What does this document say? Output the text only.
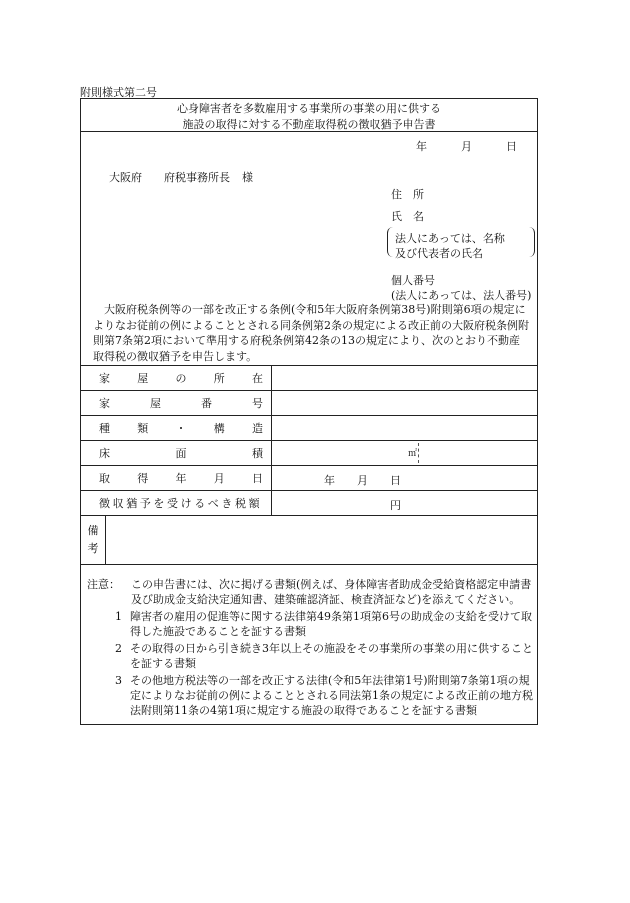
附則様式第二号
心身障害者を多数雇用する事業所の事業の用に供する
施設の取得に対する不動産取得税の徴収猶予申告書
年	月	日
大阪府 府税事務所長 様
住　所
氏　名
法人にあっては、名称
及び代表者の氏名
個人番号
(法人にあっては、法人番号)
大阪府税条例等の一部を改正する条例(令和5年大阪府条例第38号)附則第6項の規定によりなお従前の例によることとされる同条例第2条の規定による改正前の大阪府税条例附則第7条第2項において準用する府税条例第42条の13の規定により、次のとおり不動産取得税の徴収猶予を申告します。
家 屋 の 所 在	

家 屋 番 号	

種 類 ・ 構 造	

床 面 積	㎡

取 得 年 月 日	年 月 日

徴収猶予を受けるべき税額	円

備
考	
注意： この申告書には、次に掲げる書類(例えば、身体障害者助成金受給資格認定申請書及び助成金支給決定通知書、建築確認済証、検査済証など)を添えてください。
1 障害者の雇用の促進等に関する法律第49条第1項第6号の助成金の支給を受けて取得した施設であることを証する書類
2 その取得の日から引き続き3年以上その施設をその事業所の事業の用に供することを証する書類
3 その他地方税法等の一部を改正する法律(令和5年法律第1号)附則第7条第1項の規定によりなお従前の例によることとされる同法第1条の規定による改正前の地方税法附則第11条の4第1項に規定する施設の取得であることを証する書類
